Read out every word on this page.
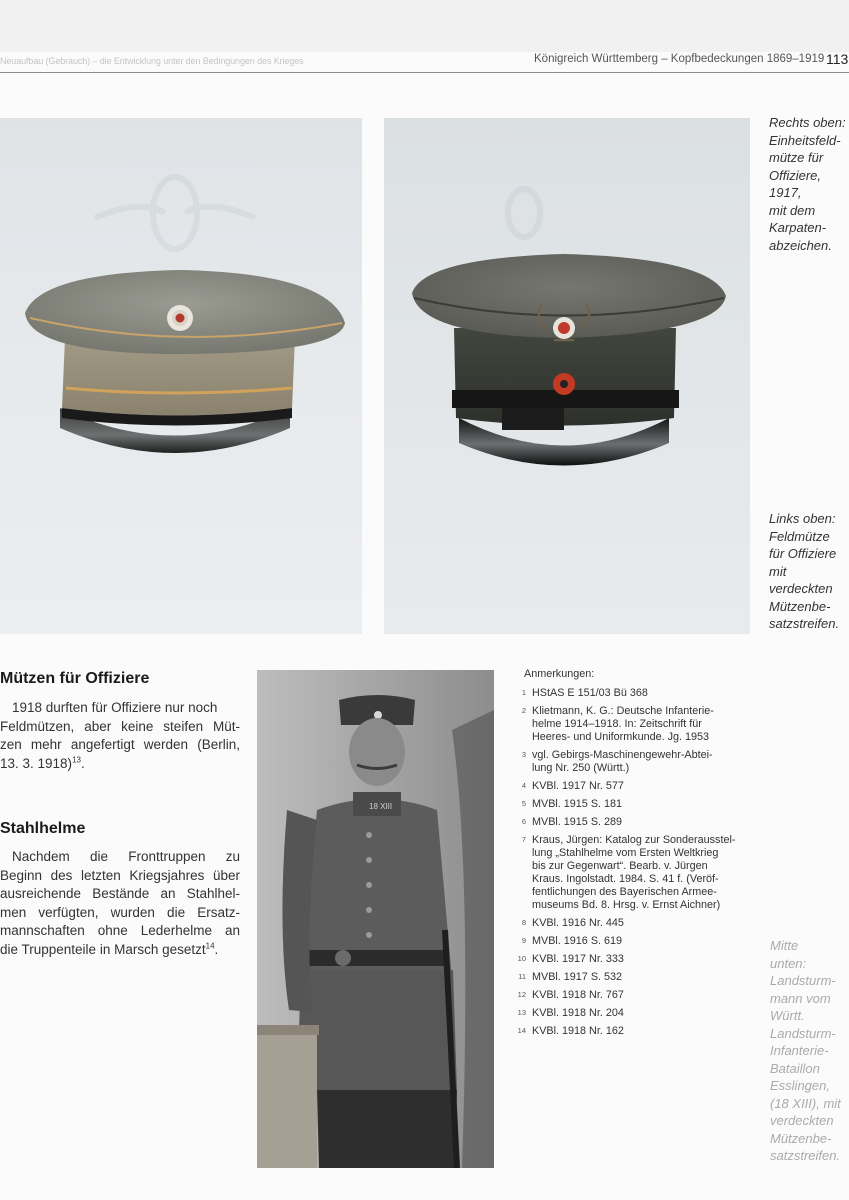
Neuaufbau (Gebrauch) – die Entwicklung unter den Bedingungen des Krieges	Königreich Württemberg – Kopfbedeckungen 1869–1919 113
18 XIII
Rechts oben:
Einheitsfeld-
mütze für
Offiziere,
1917,
mit dem
Karpaten-
abzeichen.
Links oben:
Feldmütze
für Offiziere
mit
verdeckten
Mützenbe-
satzstreifen.
Mitte
unten:
Landsturm-
mann vom
Württ.
Landsturm-
Infanterie-
Bataillon
Esslingen,
(18 XIII), mit
verdeckten
Mützenbe-
satzstreifen.
Mützen für Offiziere
1918 durften für Offiziere nur noch
Feldmützen, aber keine steifen Müt-
zen mehr angefertigt werden (Berlin,
13. 3. 1918)$^{13}$.
Stahlhelme
Nachdem die Fronttruppen zu
Beginn des letzten Kriegsjahres über
ausreichende Bestände an Stahlhel-
men verfügten, wurden die Ersatz-
mannschaften ohne Lederhelme an
die Truppenteile in Marsch gesetzt$^{14}$.
Anmerkungen:
1 HStAS E 151/03 Bü 368
2 Klietmann, K. G.: Deutsche Infanterie-
helme 1914–1918. In: Zeitschrift für
Heeres- und Uniformkunde. Jg. 1953
3 vgl. Gebirgs-Maschinengewehr-Abtei-
lung Nr. 250 (Württ.)
4 KVBl. 1917 Nr. 577
5 MVBl. 1915 S. 181
6 MVBl. 1915 S. 289
7 Kraus, Jürgen: Katalog zur Sonderausstel-
lung „Stahlhelme vom Ersten Weltkrieg
bis zur Gegenwart“. Bearb. v. Jürgen
Kraus. Ingolstadt. 1984. S. 41 f. (Veröf-
fentlichungen des Bayerischen Armee-
museums Bd. 8. Hrsg. v. Ernst Aichner)
8 KVBl. 1916 Nr. 445
9 MVBl. 1916 S. 619
10 KVBl. 1917 Nr. 333
11 MVBl. 1917 S. 532
12 KVBl. 1918 Nr. 767
13 KVBl. 1918 Nr. 204
14 KVBl. 1918 Nr. 162
